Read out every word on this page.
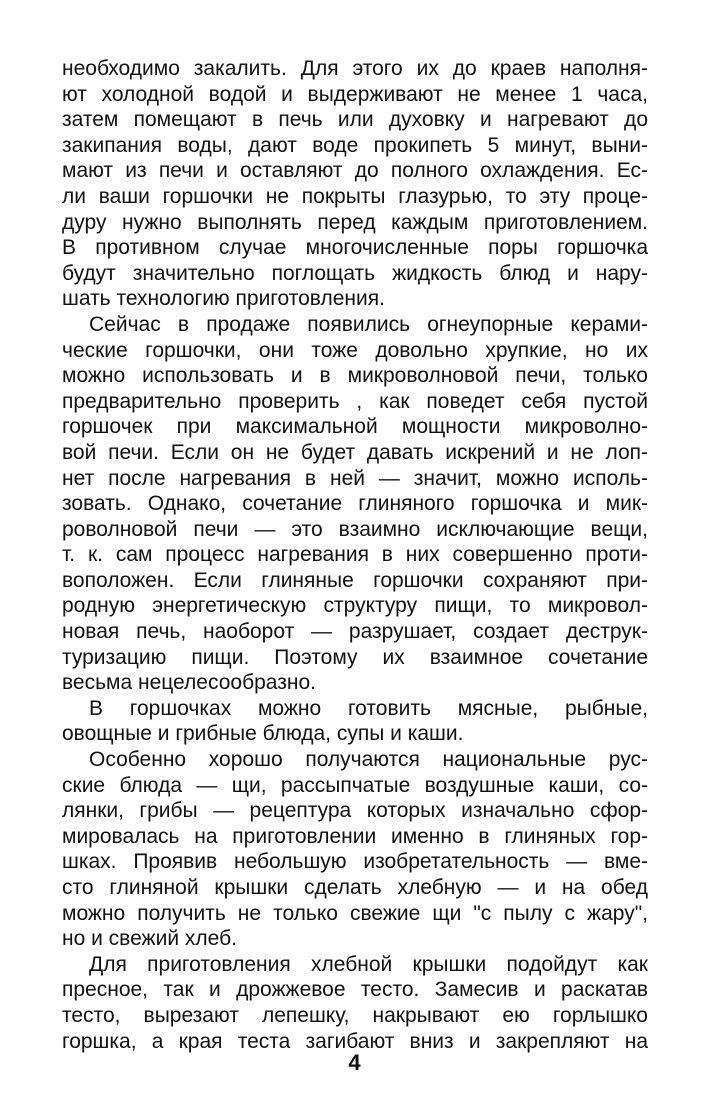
необходимо закалить. Для этого их до краев наполня-
ют холодной водой и выдерживают не менее 1 часа,
затем помещают в печь или духовку и нагревают до
закипания воды, дают воде прокипеть 5 минут, выни-
мают из печи и оставляют до полного охлаждения. Ес-
ли ваши горшочки не покрыты глазурью, то эту проце-
дуру нужно выполнять перед каждым приготовлением.
В противном случае многочисленные поры горшочка
будут значительно поглощать жидкость блюд и нару-
шать технологию приготовления.
Сейчас в продаже появились огнеупорные керами-
ческие горшочки, они тоже довольно хрупкие, но их
можно использовать и в микроволновой печи, только
предварительно проверить , как поведет себя пустой
горшочек при максимальной мощности микроволно-
вой печи. Если он не будет давать искрений и не лоп-
нет после нагревания в ней — значит, можно исполь-
зовать. Однако, сочетание глиняного горшочка и мик-
роволновой печи — это взаимно исключающие вещи,
т. к. сам процесс нагревания в них совершенно проти-
воположен. Если глиняные горшочки сохраняют при-
родную энергетическую структуру пищи, то микровол-
новая печь, наоборот — разрушает, создает деструк-
туризацию пищи. Поэтому их взаимное сочетание
весьма нецелесообразно.
В горшочках можно готовить мясные, рыбные,
овощные и грибные блюда, супы и каши.
Особенно хорошо получаются национальные рус-
ские блюда — щи, рассыпчатые воздушные каши, со-
лянки, грибы — рецептура которых изначально сфор-
мировалась на приготовлении именно в глиняных гор-
шках. Проявив небольшую изобретательность — вме-
сто глиняной крышки сделать хлебную — и на обед
можно получить не только свежие щи "с пылу с жару",
но и свежий хлеб.
Для приготовления хлебной крышки подойдут как
пресное, так и дрожжевое тесто. Замесив и раскатав
тесто, вырезают лепешку, накрывают ею горлышко
горшка, а края теста загибают вниз и закрепляют на
4
